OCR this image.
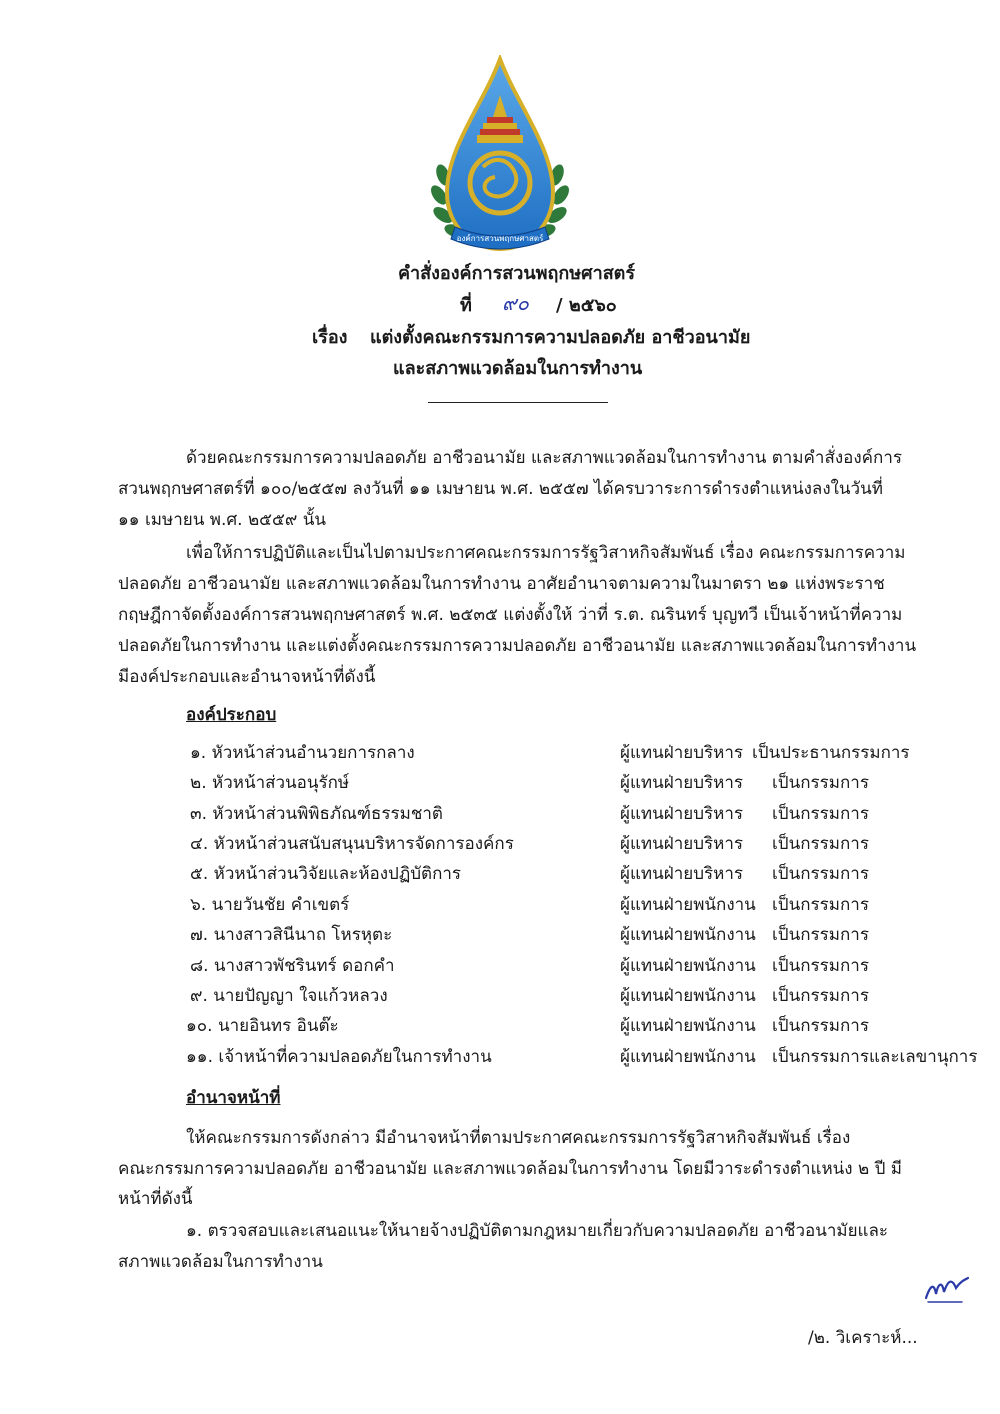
องค์การสวนพฤกษศาสตร์
คำสั่งองค์การสวนพฤกษศาสตร์
ที่ ๙๐ / ๒๕๖๐
เรื่อง แต่งตั้งคณะกรรมการความปลอดภัย อาชีวอนามัย
และสภาพแวดล้อมในการทำงาน
ด้วยคณะกรรมการความปลอดภัย อาชีวอนามัย และสภาพแวดล้อมในการทำงาน ตามคำสั่งองค์การ
สวนพฤกษศาสตร์ที่ ๑๐๐/๒๕๕๗ ลงวันที่ ๑๑ เมษายน พ.ศ. ๒๕๕๗ ได้ครบวาระการดำรงตำแหน่งลงในวันที่
๑๑ เมษายน พ.ศ. ๒๕๕๙ นั้น
เพื่อให้การปฏิบัติและเป็นไปตามประกาศคณะกรรมการรัฐวิสาหกิจสัมพันธ์ เรื่อง คณะกรรมการความ
ปลอดภัย อาชีวอนามัย และสภาพแวดล้อมในการทำงาน อาศัยอำนาจตามความในมาตรา ๒๑ แห่งพระราช
กฤษฎีกาจัดตั้งองค์การสวนพฤกษศาสตร์ พ.ศ. ๒๕๓๕ แต่งตั้งให้ ว่าที่ ร.ต. ณรินทร์ บุญทวี เป็นเจ้าหน้าที่ความ
ปลอดภัยในการทำงาน และแต่งตั้งคณะกรรมการความปลอดภัย อาชีวอนามัย และสภาพแวดล้อมในการทำงาน
มีองค์ประกอบและอำนาจหน้าที่ดังนี้
องค์ประกอบ
๑. หัวหน้าส่วนอำนวยการกลาง	ผู้แทนฝ่ายบริหาร เป็นประธานกรรมการ
๒. หัวหน้าส่วนอนุรักษ์	ผู้แทนฝ่ายบริหาร เป็นกรรมการ
๓. หัวหน้าส่วนพิพิธภัณฑ์ธรรมชาติ	ผู้แทนฝ่ายบริหาร เป็นกรรมการ
๔. หัวหน้าส่วนสนับสนุนบริหารจัดการองค์กร	ผู้แทนฝ่ายบริหาร เป็นกรรมการ
๕. หัวหน้าส่วนวิจัยและห้องปฏิบัติการ	ผู้แทนฝ่ายบริหาร เป็นกรรมการ
๖. นายวันชัย คำเขตร์	ผู้แทนฝ่ายพนักงาน เป็นกรรมการ
๗. นางสาวสินีนาถ โหรหุตะ	ผู้แทนฝ่ายพนักงาน เป็นกรรมการ
๘. นางสาวพัชรินทร์ ดอกคำ	ผู้แทนฝ่ายพนักงาน เป็นกรรมการ
๙. นายปัญญา ใจแก้วหลวง	ผู้แทนฝ่ายพนักงาน เป็นกรรมการ
๑๐. นายอินทร อินต๊ะ	ผู้แทนฝ่ายพนักงาน เป็นกรรมการ
๑๑. เจ้าหน้าที่ความปลอดภัยในการทำงาน	ผู้แทนฝ่ายพนักงาน เป็นกรรมการและเลขานุการ
อำนาจหน้าที่
ให้คณะกรรมการดังกล่าว มีอำนาจหน้าที่ตามประกาศคณะกรรมการรัฐวิสาหกิจสัมพันธ์ เรื่อง
คณะกรรมการความปลอดภัย อาชีวอนามัย และสภาพแวดล้อมในการทำงาน โดยมีวาระดำรงตำแหน่ง ๒ ปี มี
หน้าที่ดังนี้
๑. ตรวจสอบและเสนอแนะให้นายจ้างปฏิบัติตามกฎหมายเกี่ยวกับความปลอดภัย อาชีวอนามัยและ
สภาพแวดล้อมในการทำงาน
/๒. วิเคราะห์...
